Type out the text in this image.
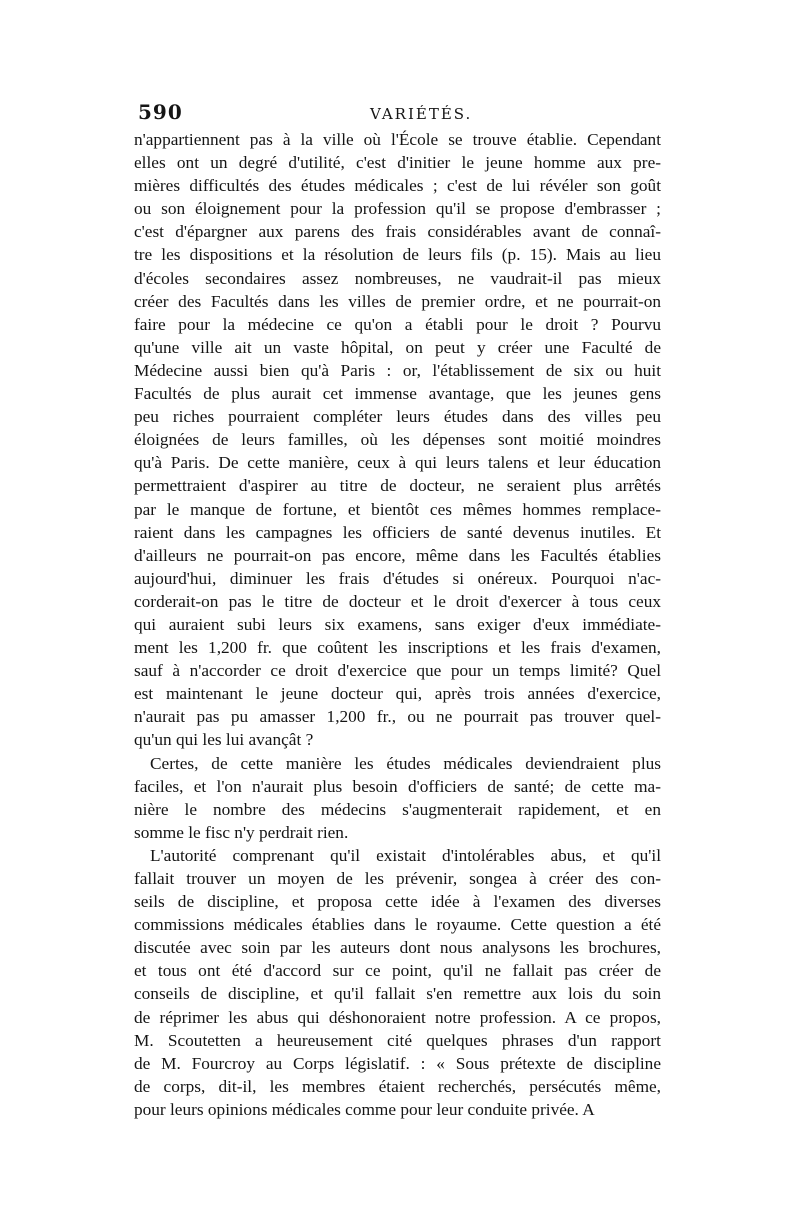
590	VARIÉTÉS.
n'appartiennent pas à la ville où l'École se trouve établie. Cependant
elles ont un degré d'utilité, c'est d'initier le jeune homme aux pre-
mières difficultés des études médicales ; c'est de lui révéler son goût
ou son éloignement pour la profession qu'il se propose d'embrasser ;
c'est d'épargner aux parens des frais considérables avant de connaî-
tre les dispositions et la résolution de leurs fils (p. 15). Mais au lieu
d'écoles secondaires assez nombreuses, ne vaudrait-il pas mieux
créer des Facultés dans les villes de premier ordre, et ne pourrait-on
faire pour la médecine ce qu'on a établi pour le droit ? Pourvu
qu'une ville ait un vaste hôpital, on peut y créer une Faculté de
Médecine aussi bien qu'à Paris : or, l'établissement de six ou huit
Facultés de plus aurait cet immense avantage, que les jeunes gens
peu riches pourraient compléter leurs études dans des villes peu
éloignées de leurs familles, où les dépenses sont moitié moindres
qu'à Paris. De cette manière, ceux à qui leurs talens et leur éducation
permettraient d'aspirer au titre de docteur, ne seraient plus arrêtés
par le manque de fortune, et bientôt ces mêmes hommes remplace-
raient dans les campagnes les officiers de santé devenus inutiles. Et
d'ailleurs ne pourrait-on pas encore, même dans les Facultés établies
aujourd'hui, diminuer les frais d'études si onéreux. Pourquoi n'ac-
corderait-on pas le titre de docteur et le droit d'exercer à tous ceux
qui auraient subi leurs six examens, sans exiger d'eux immédiate-
ment les 1,200 fr. que coûtent les inscriptions et les frais d'examen,
sauf à n'accorder ce droit d'exercice que pour un temps limité? Quel
est maintenant le jeune docteur qui, après trois années d'exercice,
n'aurait pas pu amasser 1,200 fr., ou ne pourrait pas trouver quel-
qu'un qui les lui avançât ?
Certes, de cette manière les études médicales deviendraient plus
faciles, et l'on n'aurait plus besoin d'officiers de santé; de cette ma-
nière le nombre des médecins s'augmenterait rapidement, et en
somme le fisc n'y perdrait rien.
L'autorité comprenant qu'il existait d'intolérables abus, et qu'il
fallait trouver un moyen de les prévenir, songea à créer des con-
seils de discipline, et proposa cette idée à l'examen des diverses
commissions médicales établies dans le royaume. Cette question a été
discutée avec soin par les auteurs dont nous analysons les brochures,
et tous ont été d'accord sur ce point, qu'il ne fallait pas créer de
conseils de discipline, et qu'il fallait s'en remettre aux lois du soin
de réprimer les abus qui déshonoraient notre profession. A ce propos,
M. Scoutetten a heureusement cité quelques phrases d'un rapport
de M. Fourcroy au Corps législatif. : « Sous prétexte de discipline
de corps, dit-il, les membres étaient recherchés, persécutés même,
pour leurs opinions médicales comme pour leur conduite privée. A
